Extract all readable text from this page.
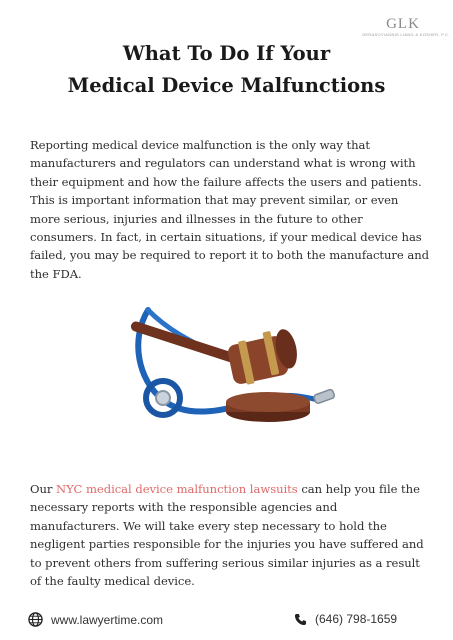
GLK
GERASOYIANNIS LIANG & KOSHER, P.C.
What To Do If Your
Medical Device Malfunctions

Reporting medical device malfunction is the only way that manufacturers and regulators can understand what is wrong with their equipment and how the failure affects the users and patients. This is important information that may prevent similar, or even more serious, injuries and illnesses in the future to other consumers. In fact, in certain situations, if your medical device has failed, you may be required to report it to both the manufacture and the FDA.

Our NYC medical device malfunction lawsuits can help you file the necessary reports with the responsible agencies and manufacturers. We will take every step necessary to hold the negligent parties responsible for the injuries you have suffered and to prevent others from suffering serious similar injuries as a result of the faulty medical device.

www.lawyertime.com	(646) 798-1659
